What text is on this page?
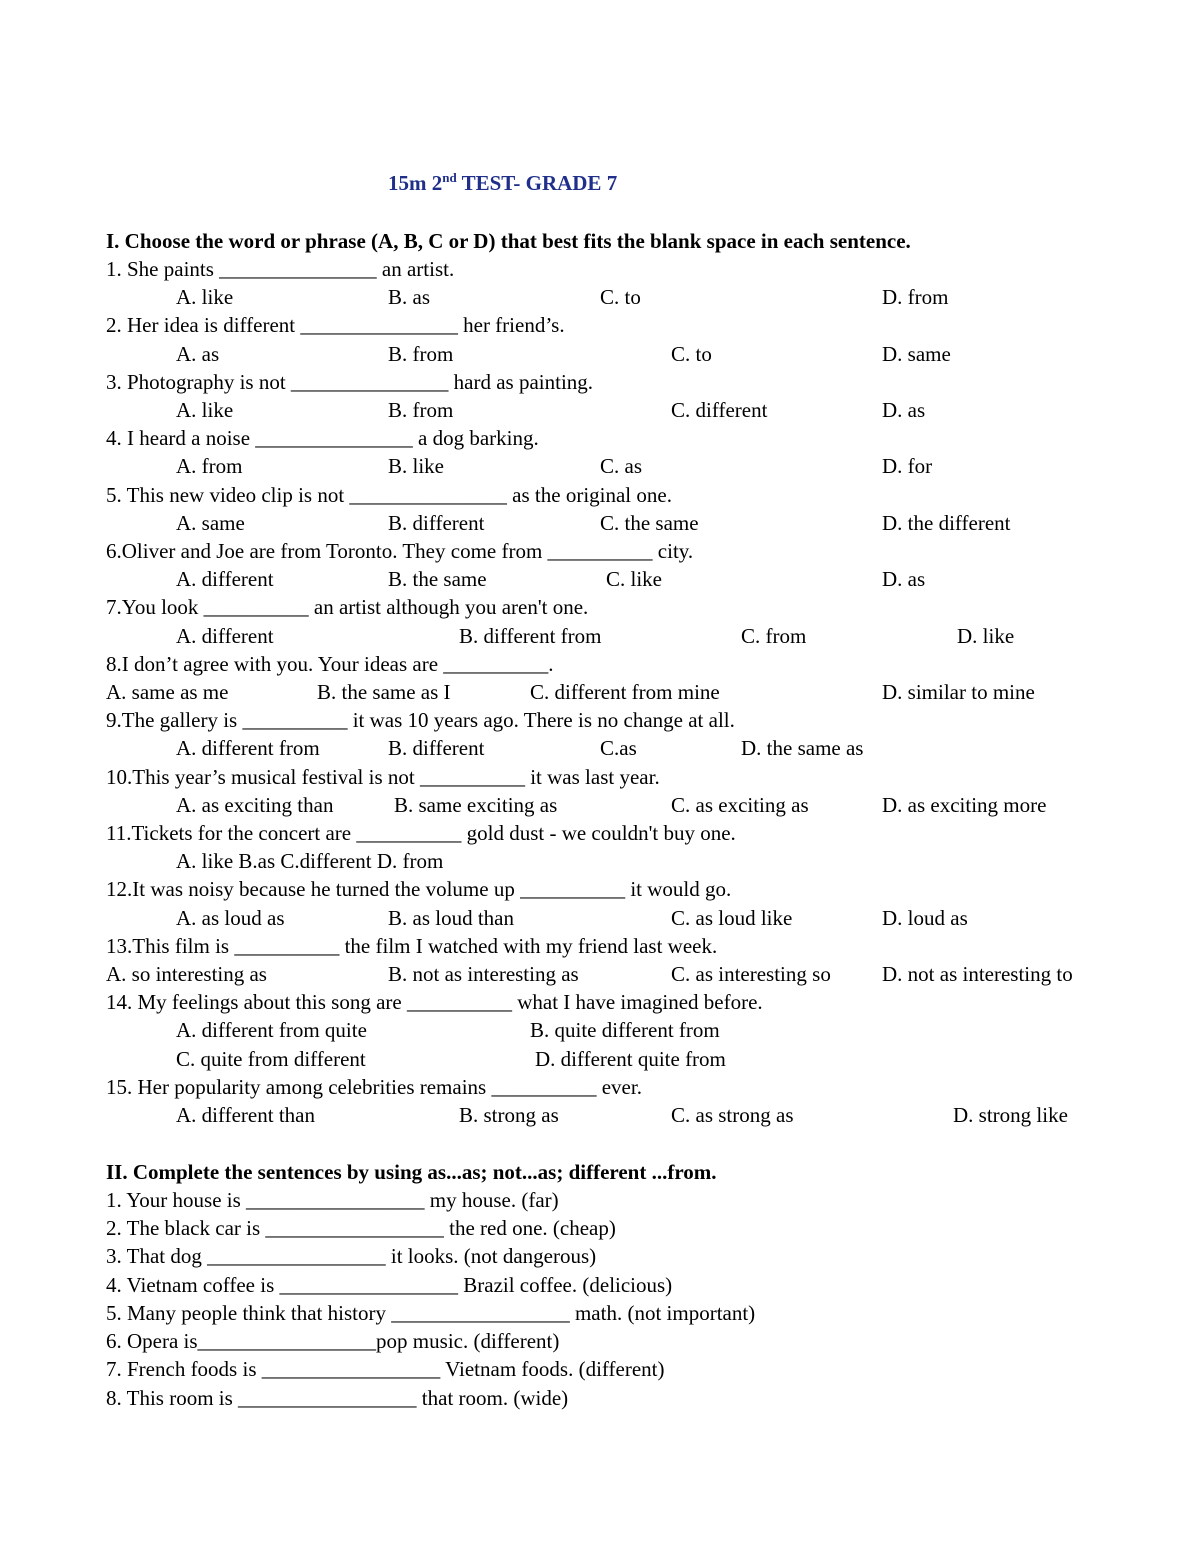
15m 2nd TEST- GRADE 7
I. Choose the word or phrase (A, B, C or D) that best fits the blank space in each sentence.
1. She paints _______________ an artist.
A. like	B. as	C. to	D. from
2. Her idea is different _______________ her friend’s.
A. as	B. from	C. to	D. same
3. Photography is not _______________ hard as painting.
A. like	B. from	C. different	D. as
4. I heard a noise _______________ a dog barking.
A. from	B. like	C. as	D. for
5. This new video clip is not _______________ as the original one.
A. same	B. different	C. the same	D. the different
6.Oliver and Joe are from Toronto. They come from __________ city.
A. different	B. the same	C. like	D. as
7.You look __________ an artist although you aren't one.
A. different	B. different from	C. from	D. like
8.I don’t agree with you. Your ideas are __________.
A. same as me	B. the same as I	C. different from mine	D. similar to mine
9.The gallery is __________ it was 10 years ago. There is no change at all.
A. different from	B. different	C.as	D. the same as
10.This year’s musical festival is not __________ it was last year.
A. as exciting than	B. same exciting as	C. as exciting as	D. as exciting more
11.Tickets for the concert are __________ gold dust - we couldn't buy one.
A. like B.as C.different D. from
12.It was noisy because he turned the volume up __________ it would go.
A. as loud as	B. as loud than	C. as loud like	D. loud as
13.This film is __________ the film I watched with my friend last week.
A. so interesting as	B. not as interesting as	C. as interesting so D. not as interesting to
14. My feelings about this song are __________ what I have imagined before.
A. different from quite	B. quite different from
C. quite from different	D. different quite from
15. Her popularity among celebrities remains __________ ever.
A. different than	B. strong as	C. as strong as	D. strong like
II. Complete the sentences by using as...as; not...as; different ...from.
1. Your house is _________________ my house. (far)
2. The black car is _________________ the red one. (cheap)
3. That dog _________________ it looks. (not dangerous)
4. Vietnam coffee is _________________ Brazil coffee. (delicious)
5. Many people think that history _________________ math. (not important)
6. Opera is_________________pop music. (different)
7. French foods is _________________ Vietnam foods. (different)
8. This room is _________________ that room. (wide)
